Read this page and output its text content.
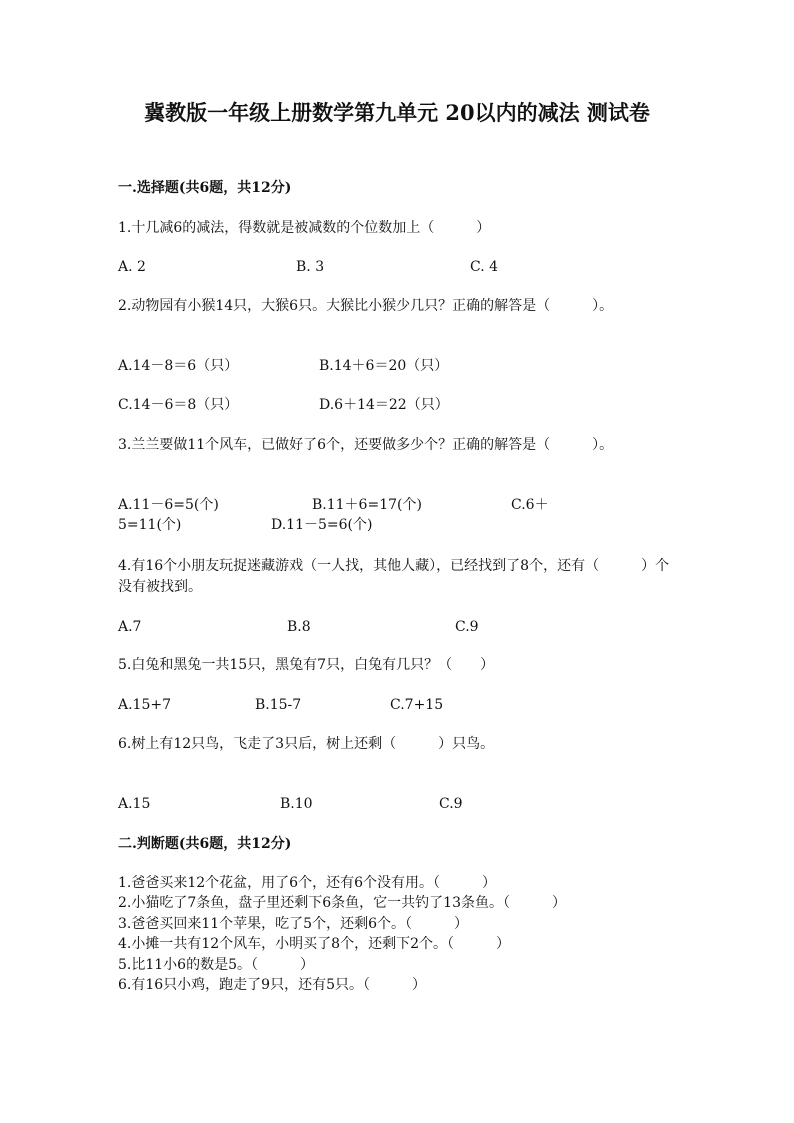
冀教版一年级上册数学第九单元 20以内的减法 测试卷
一.选择题(共6题，共12分)
1.十几减6的减法，得数就是被减数的个位数加上（　　　）
A. 2	B. 3	C. 4
2.动物园有小猴14只，大猴6只。大猴比小猴少几只？正确的解答是（　　　）。
A.14－8＝6（只）	B.14＋6＝20（只）
C.14－6＝8（只）	D.6＋14＝22（只）
3.兰兰要做11个风车，已做好了6个，还要做多少个？正确的解答是（　　　）。
A.11－6=5(个)	B.11＋6=17(个)	C.6＋
5=11(个)	D.11－5=6(个)
4.有16个小朋友玩捉迷藏游戏（一人找，其他人藏），已经找到了8个，还有（　　　）个没有被找到。
A.7	B.8	C.9
5.白兔和黑兔一共15只，黑兔有7只，白兔有几只？（　　）
A.15+7	B.15-7	C.7+15
6.树上有12只鸟，飞走了3只后，树上还剩（　　　）只鸟。
A.15	B.10	C.9
二.判断题(共6题，共12分)
1.爸爸买来12个花盆，用了6个，还有6个没有用。（　　　）
2.小猫吃了7条鱼，盘子里还剩下6条鱼，它一共钓了13条鱼。（　　　）
3.爸爸买回来11个苹果，吃了5个，还剩6个。（　　　）
4.小摊一共有12个风车，小明买了8个，还剩下2个。（　　　）
5.比11小6的数是5。（　　　）
6.有16只小鸡，跑走了9只，还有5只。（　　　）
